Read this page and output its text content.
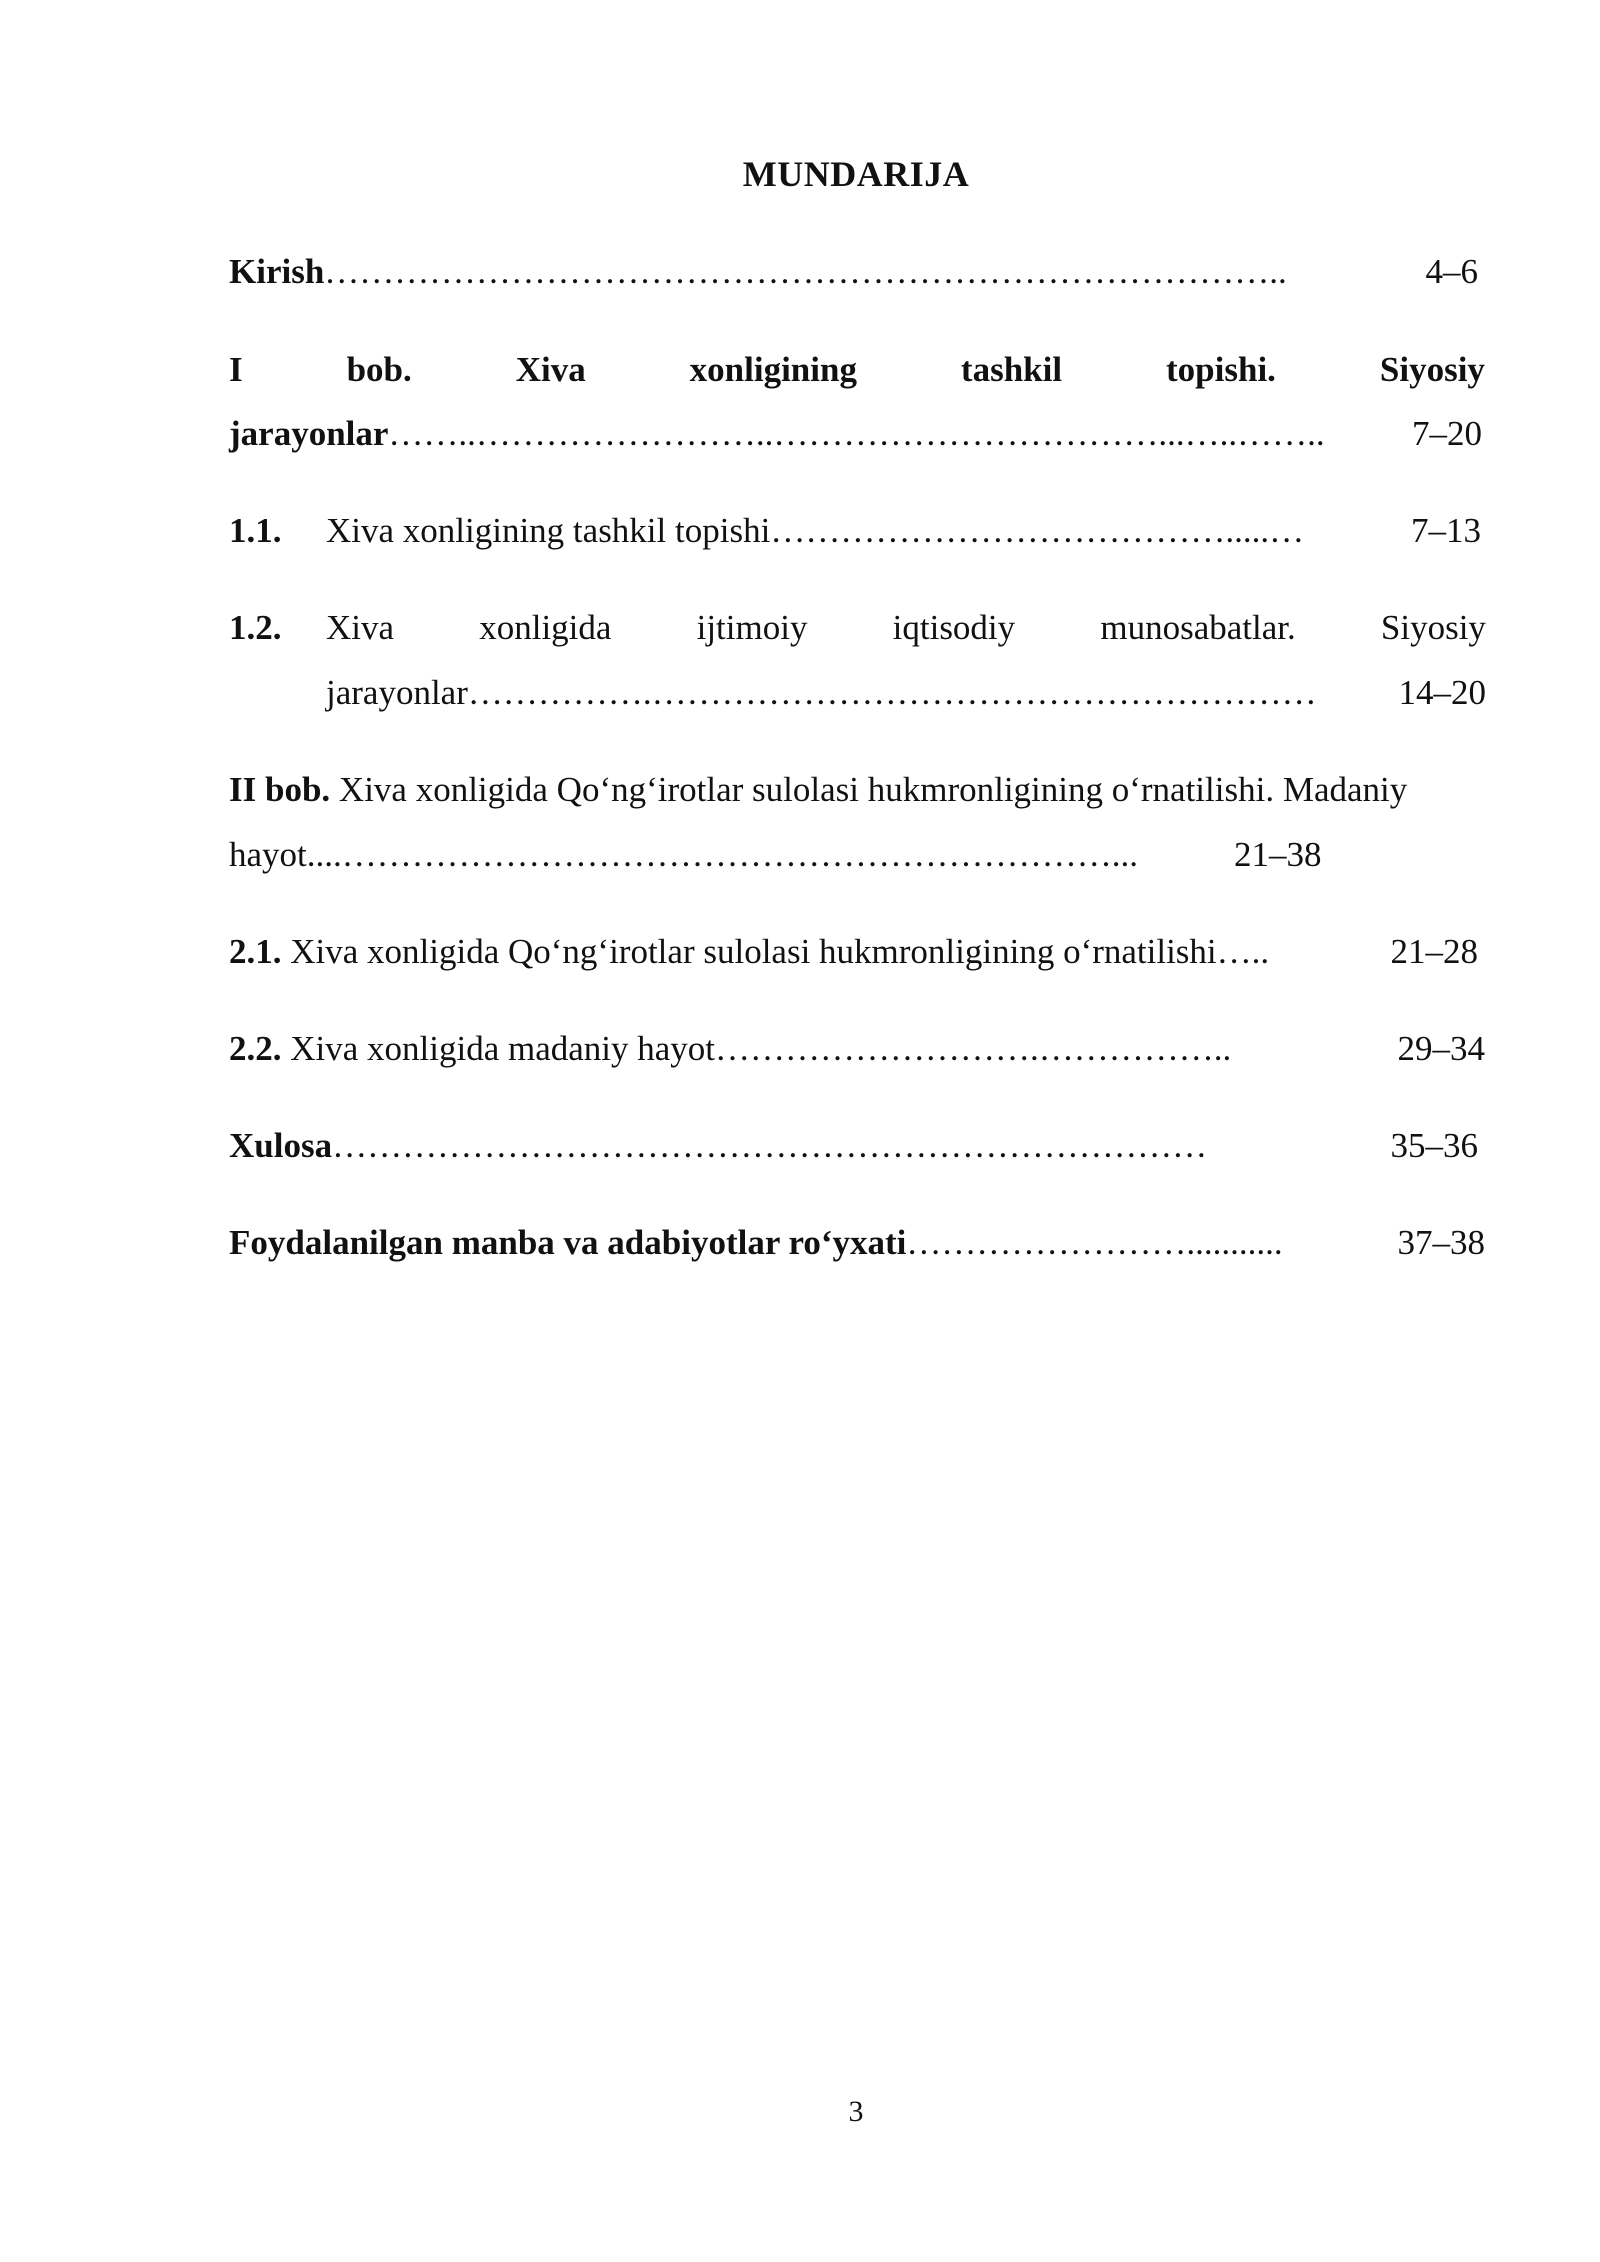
MUNDARIJA
Kirish………………………………………………………………………..	4–6
I	bob.	Xiva	xonligining	tashkil	topishi.	Siyosiy
jarayonlar……..……………………..……………………………...…..…….. 7–20
1.1. Xiva xonligining tashkil topishi………………………………….....…	7–13
1.2. Xiva xonligida ijtimoiy iqtisodiy munosabatlar. Siyosiy
jarayonlar…………….………………………………………………… 14–20
II bob. Xiva xonligida Qo‘ng‘irotlar sulolasi hukmronligining o‘rnatilishi. Madaniy
hayot....…………………………………………………………...	21–38
2.1. Xiva xonligida Qo‘ng‘irotlar sulolasi hukmronligining o‘rnatilishi…..	21–28
2.2. Xiva xonligida madaniy hayot……………………….……………..	29–34
Xulosa…………………………………………………………………	35–36
Foydalanilgan manba va adabiyotlar ro‘yxati……………………...........	37–38
3
